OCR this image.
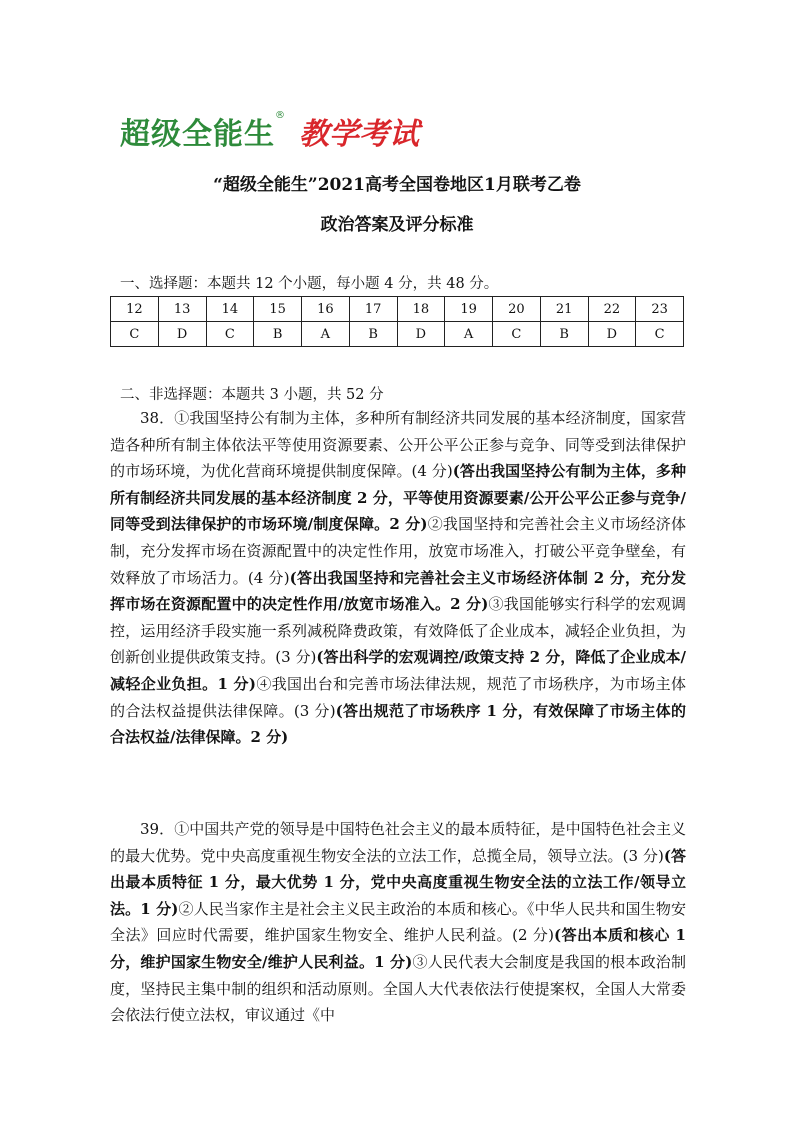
超级全能生
®
教学考试
“超级全能生”2021高考全国卷地区1月联考乙卷
政治答案及评分标准
一、选择题：本题共 12 个小题，每小题 4 分，共 48 分。
12	13	14	15	16	17	18	19	20	21	22	23
C	D	C	B	A	B	D	A	C	B	D	C
二、非选择题：本题共 3 小题，共 52 分
38．①我国坚持公有制为主体，多种所有制经济共同发展的基本经济制度，国家营造各种所有制主体依法平等使用资源要素、公开公平公正参与竞争、同等受到法律保护的市场环境，为优化营商环境提供制度保障。(4 分)(答出我国坚持公有制为主体，多种所有制经济共同发展的基本经济制度 2 分，平等使用资源要素/公开公平公正参与竞争/同等受到法律保护的市场环境/制度保障。2 分)②我国坚持和完善社会主义市场经济体制，充分发挥市场在资源配置中的决定性作用，放宽市场准入，打破公平竞争壁垒，有效释放了市场活力。(4 分)(答出我国坚持和完善社会主义市场经济体制 2 分，充分发挥市场在资源配置中的决定性作用/放宽市场准入。2 分)③我国能够实行科学的宏观调控，运用经济手段实施一系列减税降费政策，有效降低了企业成本，减轻企业负担，为创新创业提供政策支持。(3 分)(答出科学的宏观调控/政策支持 2 分，降低了企业成本/减轻企业负担。1 分)④我国出台和完善市场法律法规，规范了市场秩序，为市场主体的合法权益提供法律保障。(3 分)(答出规范了市场秩序 1 分，有效保障了市场主体的合法权益/法律保障。2 分)
39．①中国共产党的领导是中国特色社会主义的最本质特征，是中国特色社会主义的最大优势。党中央高度重视生物安全法的立法工作，总揽全局，领导立法。(3 分)(答出最本质特征 1 分，最大优势 1 分，党中央高度重视生物安全法的立法工作/领导立法。1 分)②人民当家作主是社会主义民主政治的本质和核心。《中华人民共和国生物安全法》回应时代需要，维护国家生物安全、维护人民利益。(2 分)(答出本质和核心 1 分，维护国家生物安全/维护人民利益。1 分)③人民代表大会制度是我国的根本政治制度，坚持民主集中制的组织和活动原则。全国人大代表依法行使提案权，全国人大常委会依法行使立法权，审议通过《中
